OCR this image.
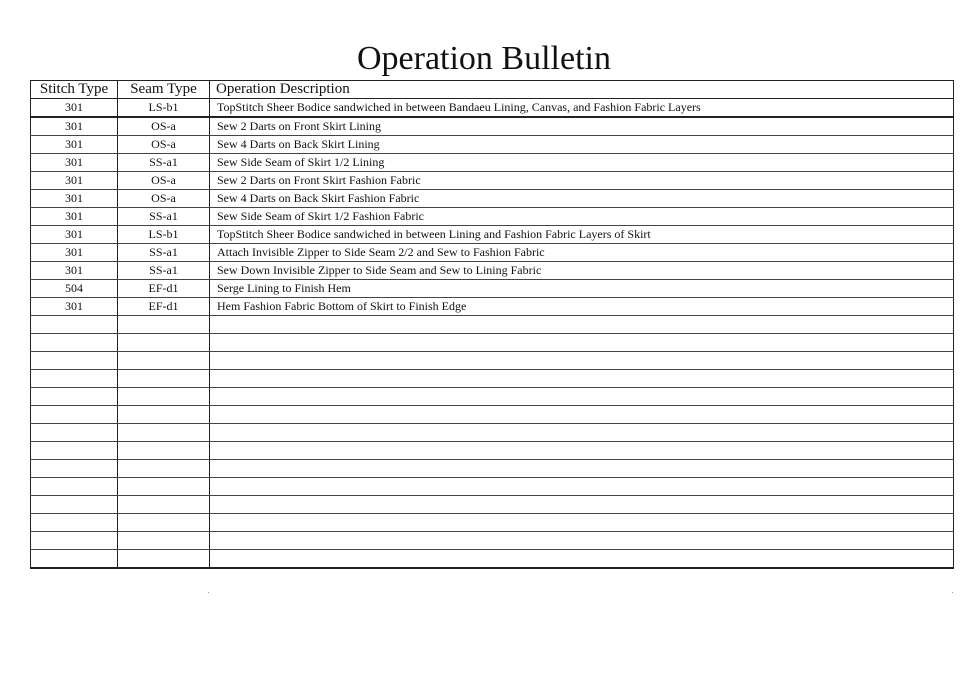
Operation Bulletin
Stitch Type	Seam Type	Operation Description
301	LS-b1	TopStitch Sheer Bodice sandwiched in between Bandaeu Lining, Canvas, and Fashion Fabric Layers
301	OS-a	Sew 2 Darts on Front Skirt Lining
301	OS-a	Sew 4 Darts on Back Skirt Lining
301	SS-a1	Sew Side Seam of Skirt 1/2 Lining
301	OS-a	Sew 2 Darts on Front Skirt Fashion Fabric
301	OS-a	Sew 4 Darts on Back Skirt Fashion Fabric
301	SS-a1	Sew Side Seam of Skirt 1/2 Fashion Fabric
301	LS-b1	TopStitch Sheer Bodice sandwiched in between Lining and Fashion Fabric Layers of Skirt
301	SS-a1	Attach Invisible Zipper to Side Seam 2/2 and Sew to Fashion Fabric
301	SS-a1	Sew Down Invisible Zipper to Side Seam and Sew to Lining Fabric
504	EF-d1	Serge Lining to Finish Hem
301	EF-d1	Hem Fashion Fabric Bottom of Skirt to Finish Edge
